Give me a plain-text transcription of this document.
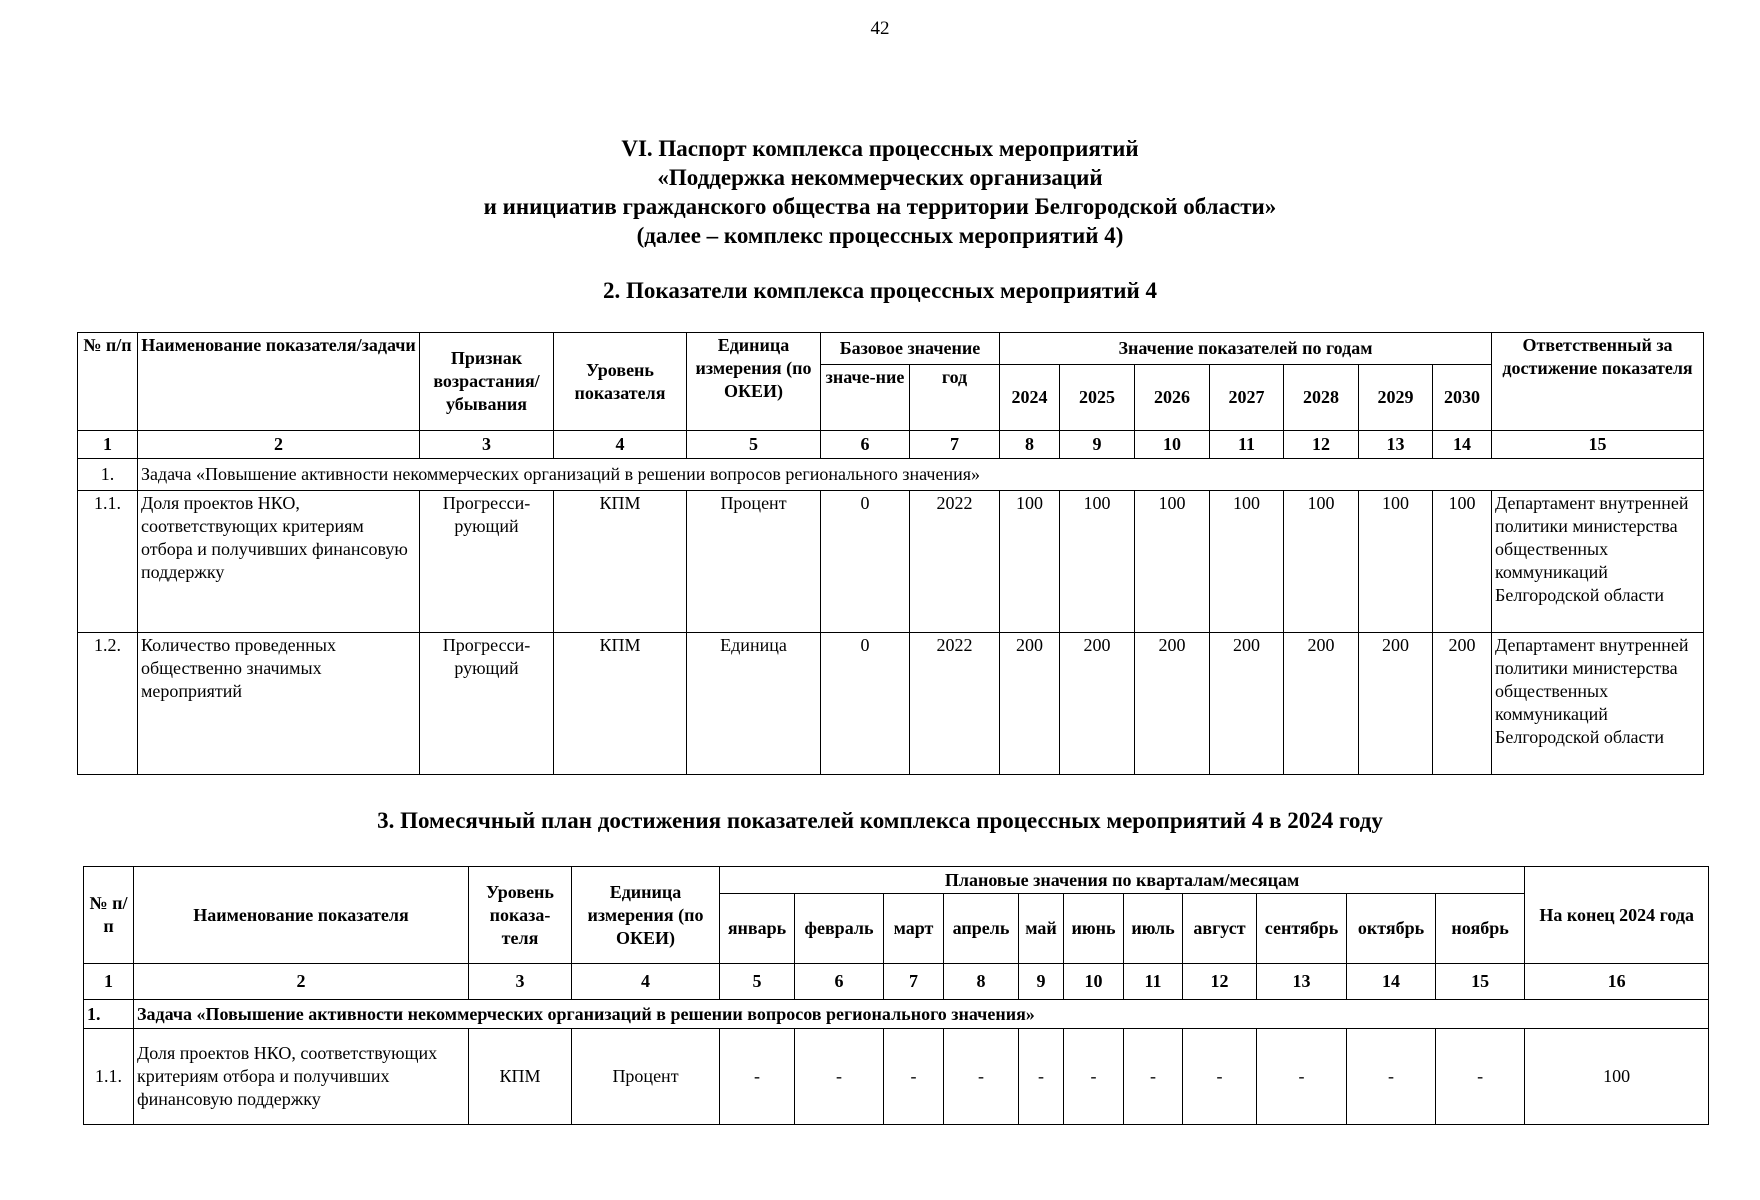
42
VI. Паспорт комплекса процессных мероприятий
«Поддержка некоммерческих организаций
и инициатив гражданского общества на территории Белгородской области»
(далее – комплекс процессных мероприятий 4)
2. Показатели комплекса процессных мероприятий 4
№ п/п	Наименование показателя/задачи	Признак возрастания/ убывания	Уровень показателя	Единица измерения (по ОКЕИ)	Базовое значение		Значение показателей по годам							Ответственный за достижение показателя
					значе-ние	год	2024	2025	2026	2027	2028	2029	2030	
1	2	3	4	5	6	7	8	9	10	11	12	13	14	15
1.	Задача «Повышение активности некоммерческих организаций в решении вопросов регионального значения»													
1.1.	Доля проектов НКО, соответствующих критериям отбора и получивших финансовую поддержку	Прогресси-рующий	КПМ	Процент	0	2022	100	100	100	100	100	100	100	Департамент внутренней политики министерства общественных коммуникаций Белгородской области
1.2.	Количество проведенных общественно значимых мероприятий	Прогресси-рующий	КПМ	Единица	0	2022	200	200	200	200	200	200	200	Департамент внутренней политики министерства общественных коммуникаций Белгородской области
3. Помесячный план достижения показателей комплекса процессных мероприятий 4 в 2024 году
№ п/п	Наименование показателя	Уровень показа-теля	Единица измерения (по ОКЕИ)	Плановые значения по кварталам/месяцам											На конец 2024 года
				январь	февраль	март	апрель	май	июнь	июль	август	сентябрь	октябрь	ноябрь	
1	2	3	4	5	6	7	8	9	10	11	12	13	14	15	16
1.	Задача «Повышение активности некоммерческих организаций в решении вопросов регионального значения»														
1.1.	Доля проектов НКО, соответствующих критериям отбора и получивших финансовую поддержку	КПМ	Процент	-	-	-	-	-	-	-	-	-	-	-	100
